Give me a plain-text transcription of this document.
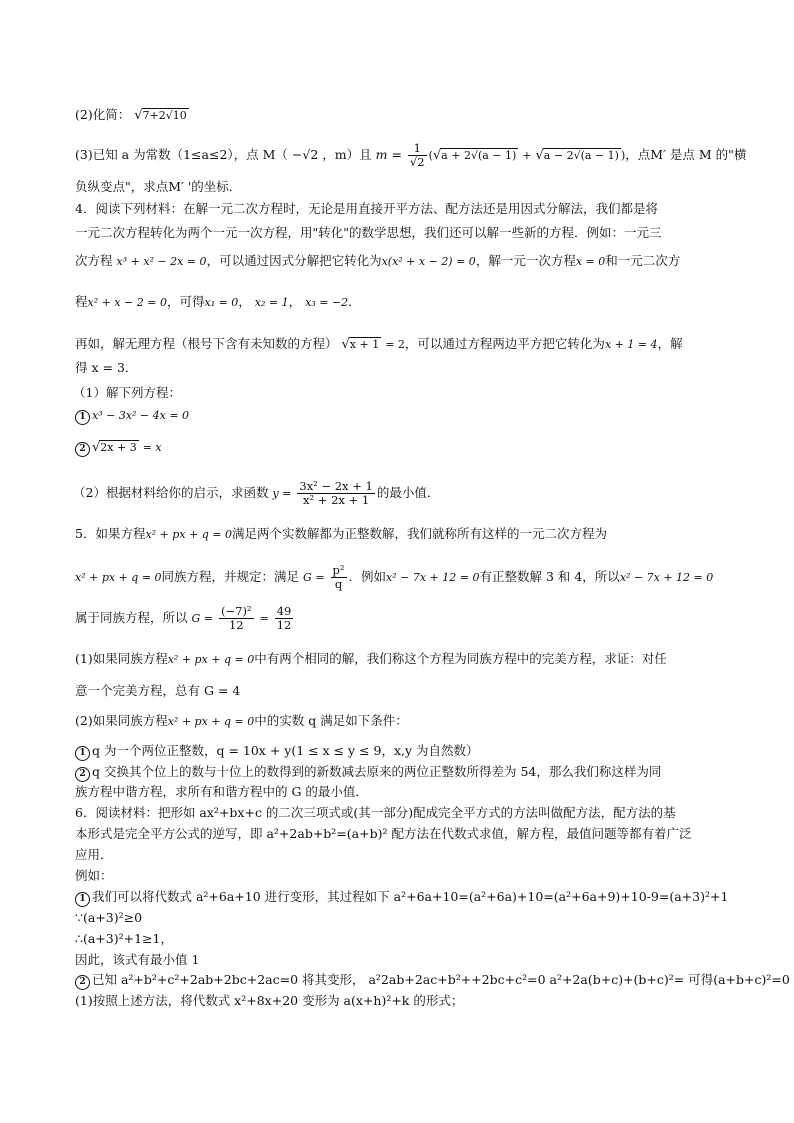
(2)化简： √7+2√10
(3)已知 a 为常数（1≤a≤2），点 M（ −√2 ，m）且 $m = \frac{1}{√2} (√a + 2√(a - 1) + √a - 2√(a - 1)$ )，点M′ 是点 M 的"横
负纵变点"，求点M′ '的坐标．
4．阅读下列材料：在解一元二次方程时，无论是用直接开平方法、配方法还是用因式分解法，我们都是将
一元二次方程转化为两个一元一次方程，用"转化"的数学思想，我们还可以解一些新的方程．例如：一元三
次方程 x³ + x² − 2x = 0，可以通过因式分解把它转化为x(x² + x − 2) = 0，解一元一次方程x = 0和一元二次方
程x² + x − 2 = 0，可得x₁ = 0， x₂ = 1， x₃ = −2．
再如，解无理方程（根号下含有未知数的方程） √x + 1 = 2，可以通过方程两边平方把它转化为x + 1 = 4，解
得 x = 3．
（1）解下列方程：
1 x³ − 3x² − 4x = 0
2 √2x + 3 = x
（2）根据材料给你的启示，求函数 $y = \frac{\text{3x² − 2x + 1}}{\text{x² + 2x + 1}}$ 的最小值．
5．如果方程x² + px + q = 0满足两个实数解都为正整数解，我们就称所有这样的一元二次方程为
x² + px + q = 0同族方程，并规定：满足 $G = \frac{\text{p²}}{q}$ ．例如x² − 7x + 12 = 0有正整数解 3 和 4，所以x² − 7x + 12 = 0
属于同族方程，所以 $G = \frac{\text{(−7)²}}{12} = \frac{49}{12}$
(1)如果同族方程x² + px + q = 0中有两个相同的解，我们称这个方程为同族方程中的完美方程，求证：对任
意一个完美方程，总有 G = 4
(2)如果同族方程x² + px + q = 0中的实数 q 满足如下条件：
1 q 为一个两位正整数，q = 10x + y(1 ≤ x ≤ y ≤ 9，x,y 为自然数）
2 q 交换其个位上的数与十位上的数得到的新数减去原来的两位正整数所得差为 54，那么我们称这样为同
族方程中谐方程，求所有和谐方程中的 G 的最小值．
6．阅读材料：把形如 ax²+bx+c 的二次三项式或(其一部分)配成完全平方式的方法叫做配方法，配方法的基
本形式是完全平方公式的逆写，即 a²+2ab+b²=(a+b)² 配方法在代数式求值，解方程，最值问题等都有着广泛
应用．
例如：
1 我们可以将代数式 a²+6a+10 进行变形，其过程如下 a²+6a+10=(a²+6a)+10=(a²+6a+9)+10-9=(a+3)²+1
∵(a+3)²≥0
∴(a+3)²+1≥1，
因此，该式有最小值 1
2 已知 a²+b²+c²+2ab+2bc+2ac=0 将其变形， a²2ab+2ac+b²++2bc+c²=0 a²+2a(b+c)+(b+c)²= 可得(a+b+c)²=0
(1)按照上述方法，将代数式 x²+8x+20 变形为 a(x+h)²+k 的形式；
